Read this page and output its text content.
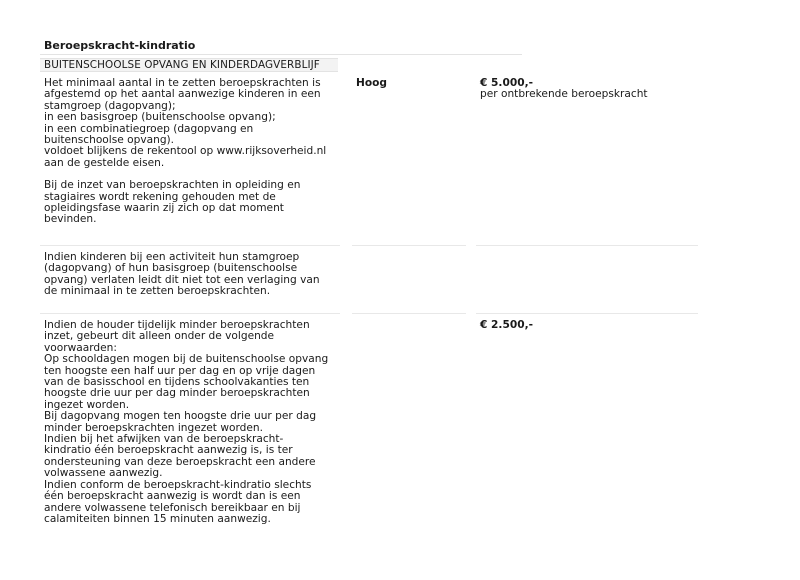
Beroepskracht-kindratio
BUITENSCHOOLSE OPVANG EN KINDERDAGVERBLIJF
Het minimaal aantal in te zetten beroepskrachten is
afgestemd op het aantal aanwezige kinderen in een
stamgroep (dagopvang);
in een basisgroep (buitenschoolse opvang);
in een combinatiegroep (dagopvang en
buitenschoolse opvang).
voldoet blijkens de rekentool op www.rijksoverheid.nl
aan de gestelde eisen.
Bij de inzet van beroepskrachten in opleiding en
stagiaires wordt rekening gehouden met de
opleidingsfase waarin zij zich op dat moment
bevinden.
Hoog	€ 5.000,-
per ontbrekende beroepskracht
Indien kinderen bij een activiteit hun stamgroep
(dagopvang) of hun basisgroep (buitenschoolse
opvang) verlaten leidt dit niet tot een verlaging van
de minimaal in te zetten beroepskrachten.
Indien de houder tijdelijk minder beroepskrachten
inzet, gebeurt dit alleen onder de volgende
voorwaarden:
Op schooldagen mogen bij de buitenschoolse opvang
ten hoogste een half uur per dag en op vrije dagen
van de basisschool en tijdens schoolvakanties ten
hoogste drie uur per dag minder beroepskrachten
ingezet worden.
Bij dagopvang mogen ten hoogste drie uur per dag
minder beroepskrachten ingezet worden.
Indien bij het afwijken van de beroepskracht-
kindratio één beroepskracht aanwezig is, is ter
ondersteuning van deze beroepskracht een andere
volwassene aanwezig.
Indien conform de beroepskracht-kindratio slechts
één beroepskracht aanwezig is wordt dan is een
andere volwassene telefonisch bereikbaar en bij
calamiteiten binnen 15 minuten aanwezig.
€ 2.500,-
